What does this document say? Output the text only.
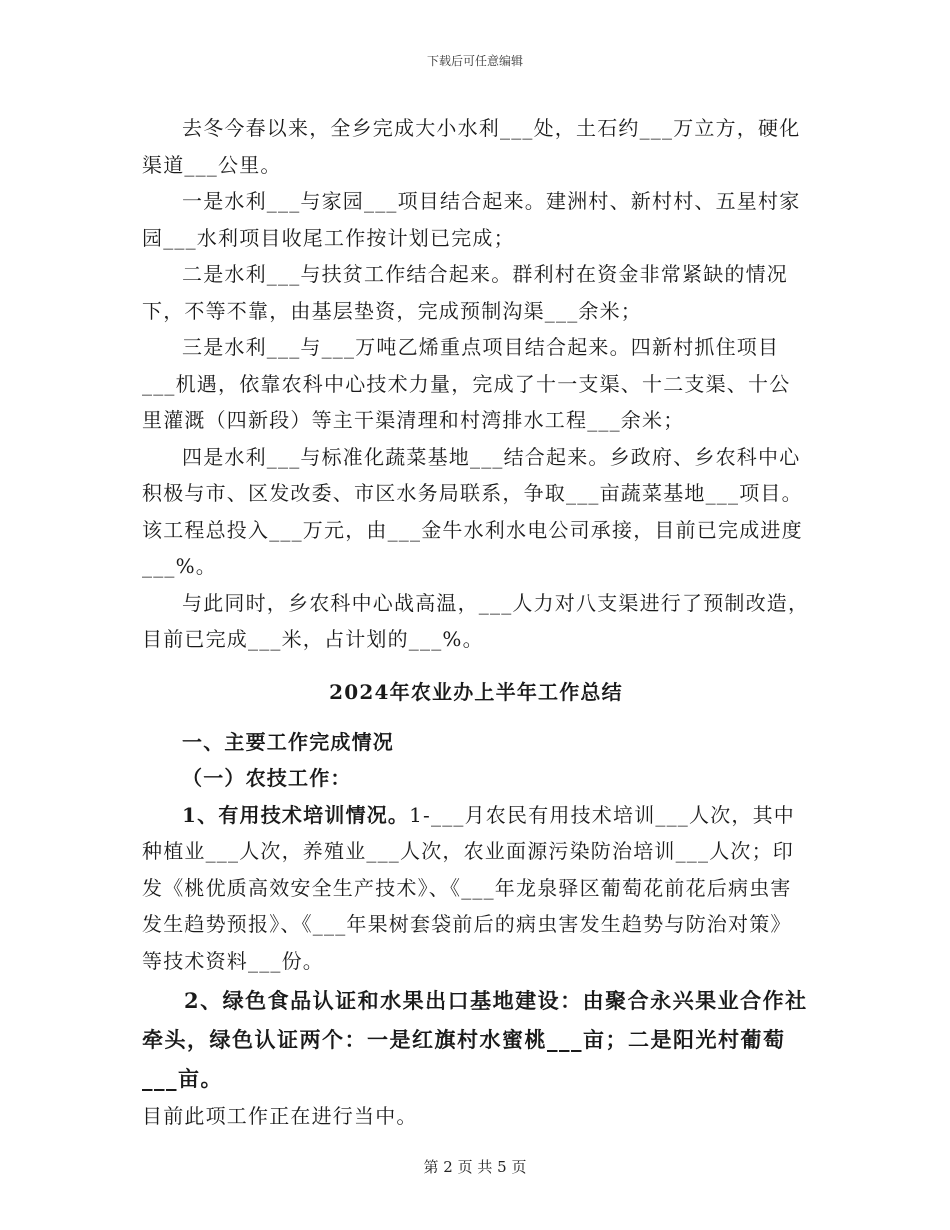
下载后可任意编辑

去冬今春以来，全乡完成大小水利___处，土石约___万立方，硬化渠道___公里。

一是水利___与家园___项目结合起来。建洲村、新村村、五星村家园___水利项目收尾工作按计划已完成；

二是水利___与扶贫工作结合起来。群利村在资金非常紧缺的情况下，不等不靠，由基层垫资，完成预制沟渠___余米；

三是水利___与___万吨乙烯重点项目结合起来。四新村抓住项目___机遇，依靠农科中心技术力量，完成了十一支渠、十二支渠、十公里灌溉（四新段）等主干渠清理和村湾排水工程___余米；

四是水利___与标准化蔬菜基地___结合起来。乡政府、乡农科中心积极与市、区发改委、市区水务局联系，争取___亩蔬菜基地___项目。该工程总投入___万元，由___金牛水利水电公司承接，目前已完成进度___%。

与此同时，乡农科中心战高温，___人力对八支渠进行了预制改造，目前已完成___米，占计划的___%。

2024年农业办上半年工作总结

一、主要工作完成情况

（一）农技工作：

1、有用技术培训情况。1-___月农民有用技术培训___人次，其中种植业___人次，养殖业___人次，农业面源污染防治培训___人次；印发《桃优质高效安全生产技术》、《___年龙泉驿区葡萄花前花后病虫害发生趋势预报》、《___年果树套袋前后的病虫害发生趋势与防治对策》等技术资料___份。

2、绿色食品认证和水果出口基地建设：由聚合永兴果业合作社牵头，绿色认证两个：一是红旗村水蜜桃___亩；二是阳光村葡萄___亩。

目前此项工作正在进行当中。

第 2 页 共 5 页
